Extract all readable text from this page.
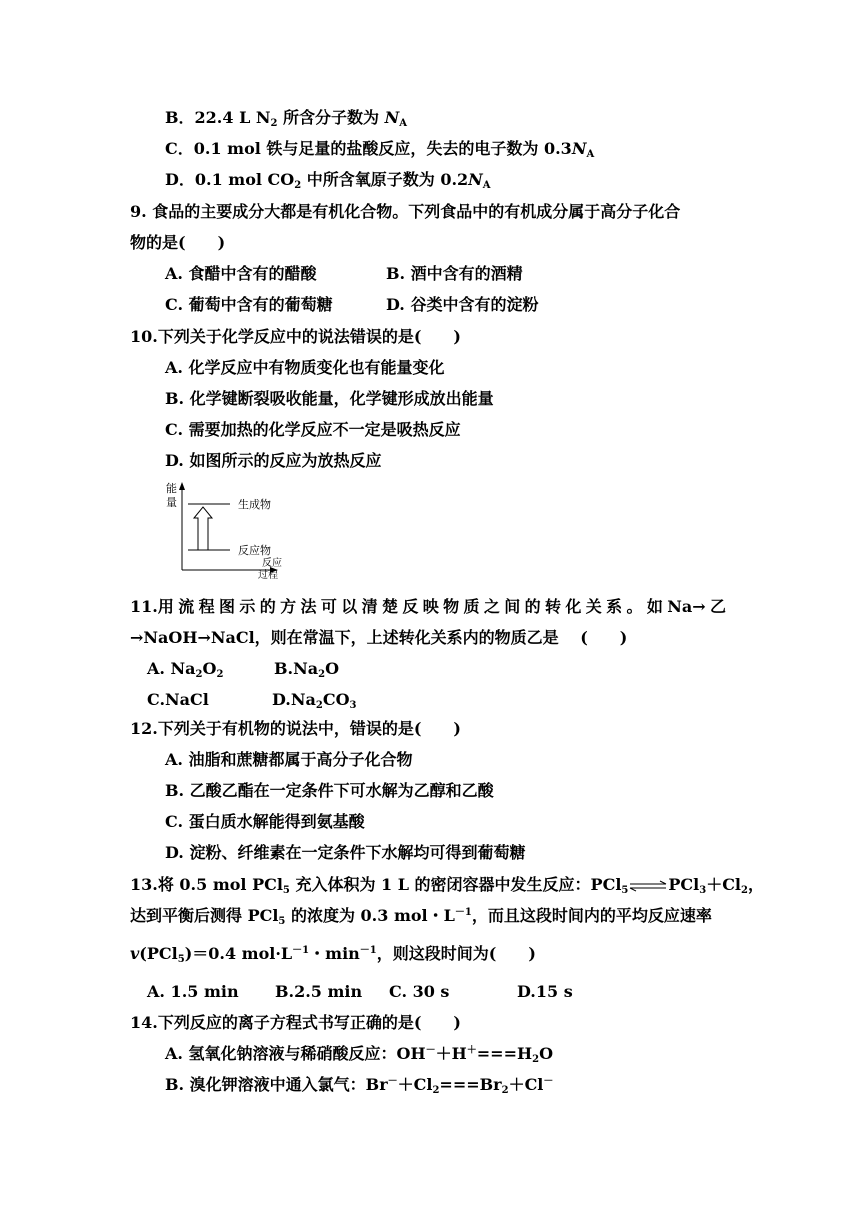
B．22.4 L $N_2$ 所含分子数为 $N_A$
C．0.1 mol 铁与足量的盐酸反应，失去的电子数为 $0.3N_A$
D．0.1 mol $CO_2$ 中所含氧原子数为 $0.2N_A$
9. 食品的主要成分大都是有机化合物。下列食品中的有机成分属于高分子化合
物的是(　　)
A. 食醋中含有的醋酸	B. 酒中含有的酒精
C. 葡萄中含有的葡萄糖	D. 谷类中含有的淀粉
10.下列关于化学反应中的说法错误的是(　　)
A. 化学反应中有物质变化也有能量变化
B. 化学键断裂吸收能量，化学键形成放出能量
C. 需要加热的化学反应不一定是吸热反应
D. 如图所示的反应为放热反应
能
量	生成物
反应物
反应
过程
11.用 流 程 图 示 的 方 法 可 以 清 楚 反 映 物 质 之 间 的 转 化 关 系 。 如 Na→ 乙
→NaOH→NaCl，则在常温下，上述转化关系内的物质乙是　 (　　)
A. $Na_2O_2$	$B.Na_2O$
C.NaCl	$D.Na_2CO_3$
12.下列关于有机物的说法中，错误的是(　　)
A. 油脂和蔗糖都属于高分子化合物
B. 乙酸乙酯在一定条件下可水解为乙醇和乙酸
C. 蛋白质水解能得到氨基酸
D. 淀粉、纤维素在一定条件下水解均可得到葡萄糖
13.将 0.5 mol PCl$_5$ 充入体积为 1 L 的密闭容器中发生反应：$PCl_5\rightleftharpoons PCl_3+Cl_2$，
达到平衡后测得 PCl$_5$ 的浓度为 0.3 mol・$L^{-1}$，而且这段时间内的平均反应速率
v(PCl$_5$)＝0.4 $mol\cdot L^{-1}$・$\min^{-1}$，则这段时间为(　　)
A. 1.5 min B.2.5 min C. 30 s	D.15 s
14.下列反应的离子方程式书写正确的是(　　)
A. 氢氧化钠溶液与稀硝酸反应：$OH^-+H^+===H_2O$
B. 溴化钾溶液中通入氯气：$Br^-+Cl_2===Br_2+Cl^-$
